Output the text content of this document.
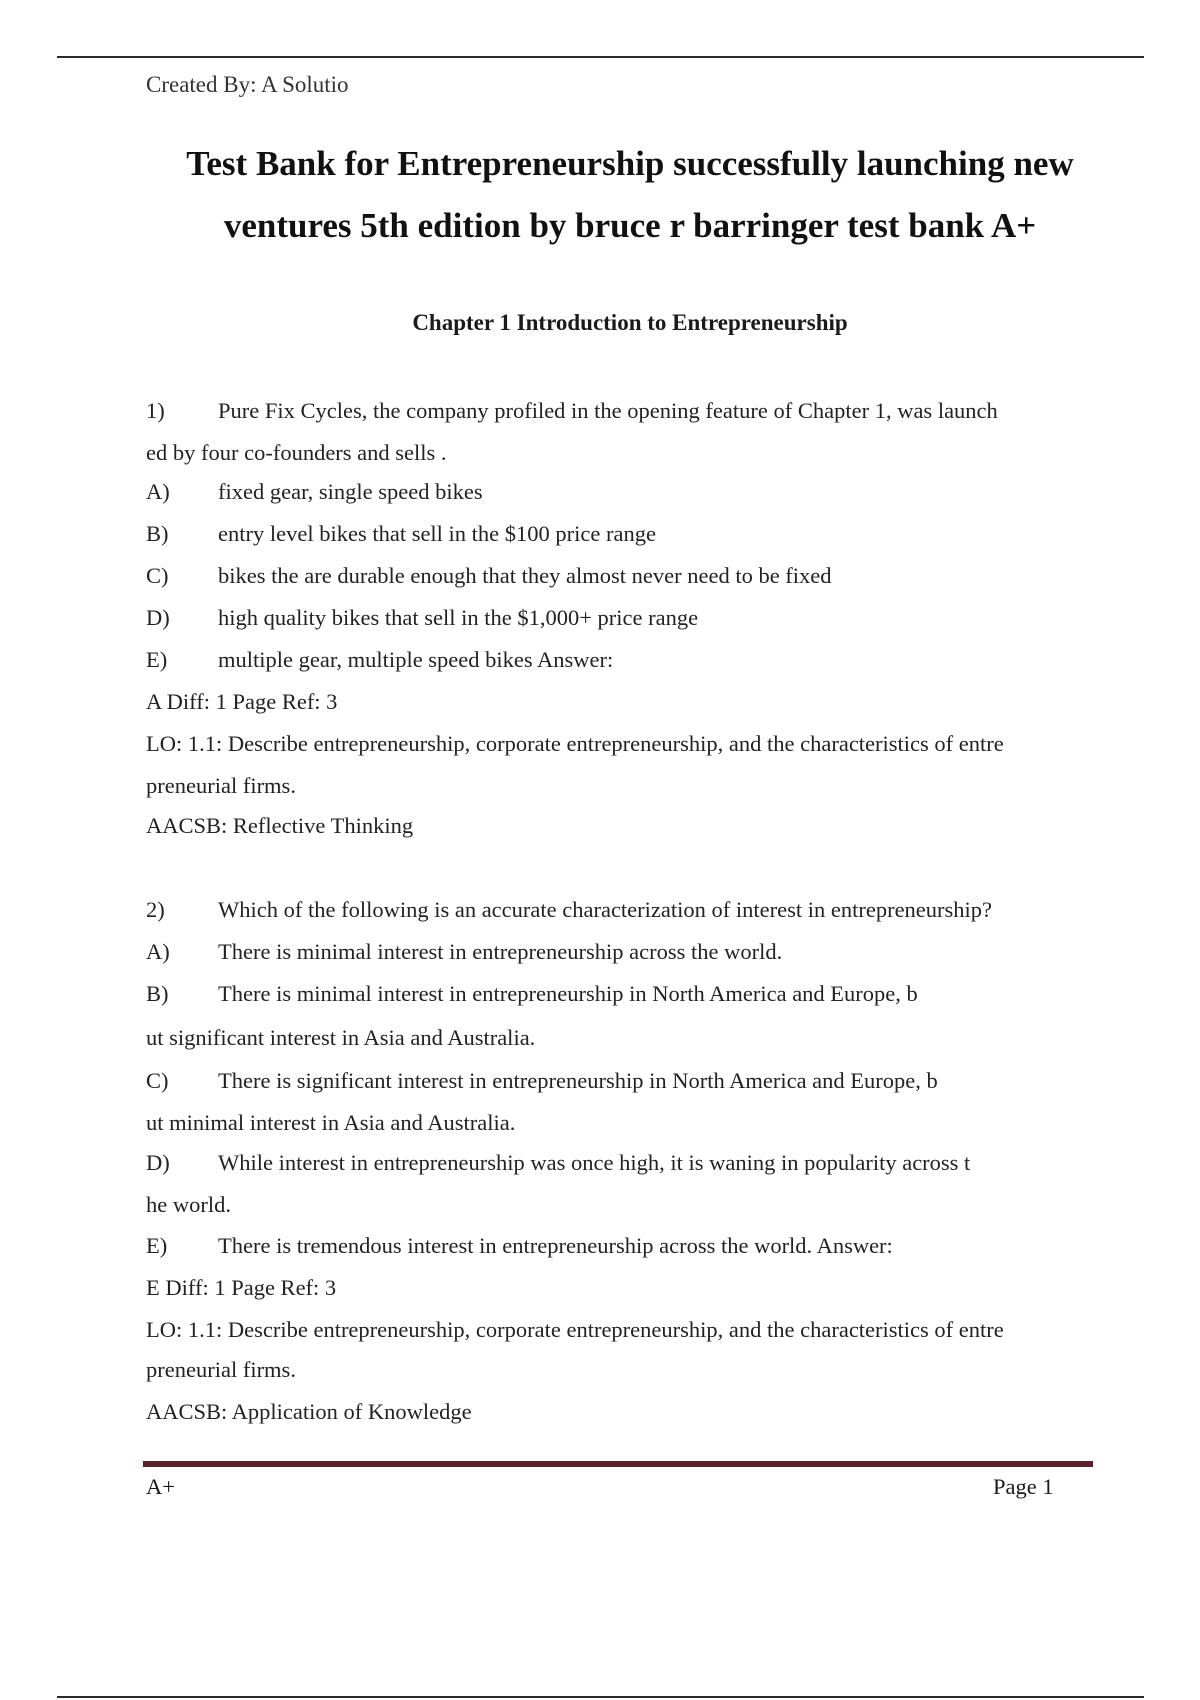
Created By: A Solutio
Test Bank for Entrepreneurship successfully launching new
ventures 5th edition by bruce r barringer test bank A+
Chapter 1 Introduction to Entrepreneurship
1) Pure Fix Cycles, the company profiled in the opening feature of Chapter 1, was launch
ed by four co-founders and sells .
A) fixed gear, single speed bikes
B) entry level bikes that sell in the $100 price range
C) bikes the are durable enough that they almost never need to be fixed
D) high quality bikes that sell in the $1,000+ price range
E) multiple gear, multiple speed bikes Answer:
A Diff: 1 Page Ref: 3
LO: 1.1: Describe entrepreneurship, corporate entrepreneurship, and the characteristics of entre
preneurial firms.
AACSB: Reflective Thinking
2) Which of the following is an accurate characterization of interest in entrepreneurship?
A) There is minimal interest in entrepreneurship across the world.
B) There is minimal interest in entrepreneurship in North America and Europe, b
ut significant interest in Asia and Australia.
C) There is significant interest in entrepreneurship in North America and Europe, b
ut minimal interest in Asia and Australia.
D) While interest in entrepreneurship was once high, it is waning in popularity across t
he world.
E) There is tremendous interest in entrepreneurship across the world. Answer:
E Diff: 1 Page Ref: 3
LO: 1.1: Describe entrepreneurship, corporate entrepreneurship, and the characteristics of entre
preneurial firms.
AACSB: Application of Knowledge
A+	Page 1
